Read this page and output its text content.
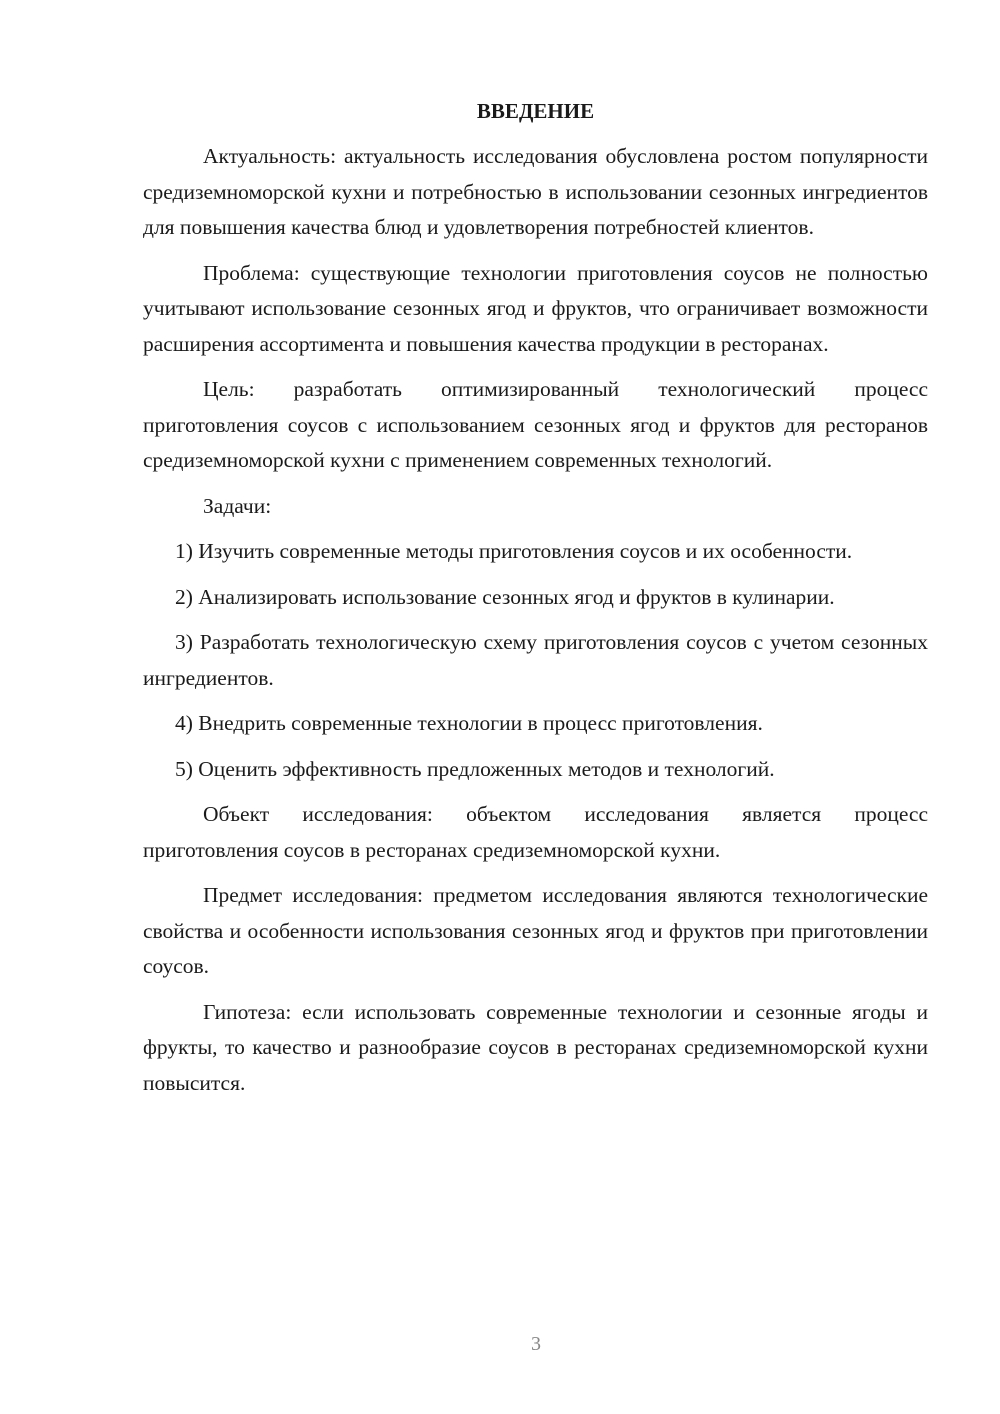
ВВЕДЕНИЕ

Актуальность: актуальность исследования обусловлена ростом популярности средиземноморской кухни и потребностью в использовании сезонных ингредиентов для повышения качества блюд и удовлетворения потребностей клиентов.

Проблема: существующие технологии приготовления соусов не полностью учитывают использование сезонных ягод и фруктов, что ограничивает возможности расширения ассортимента и повышения качества продукции в ресторанах.

Цель: разработать оптимизированный технологический процесс приготовления соусов с использованием сезонных ягод и фруктов для ресторанов средиземноморской кухни с применением современных технологий.

Задачи:

1) Изучить современные методы приготовления соусов и их особенности.

2) Анализировать использование сезонных ягод и фруктов в кулинарии.

3) Разработать технологическую схему приготовления соусов с учетом сезонных ингредиентов.

4) Внедрить современные технологии в процесс приготовления.

5) Оценить эффективность предложенных методов и технологий.

Объект исследования: объектом исследования является процесс приготовления соусов в ресторанах средиземноморской кухни.

Предмет исследования: предметом исследования являются технологические свойства и особенности использования сезонных ягод и фруктов при приготовлении соусов.

Гипотеза: если использовать современные технологии и сезонные ягоды и фрукты, то качество и разнообразие соусов в ресторанах средиземноморской кухни повысится.

3
